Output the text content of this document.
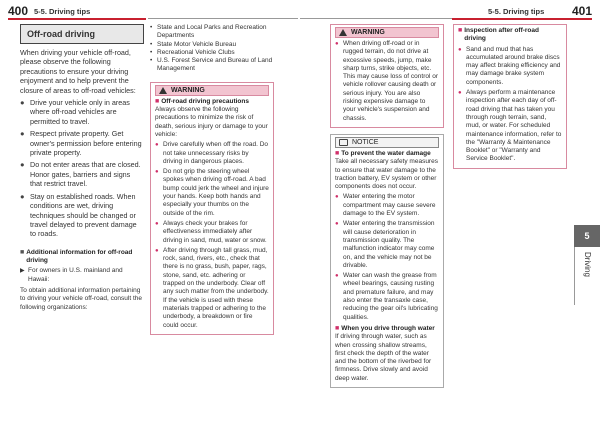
400 5-5. Driving tips	5-5. Driving tips 401
Off-road driving
When driving your vehicle off-road, please observe the following precautions to ensure your driving enjoyment and to help prevent the closure of areas to off-road vehicles:
● Drive your vehicle only in areas where off-road vehicles are permitted to travel.
● Respect private property. Get owner's permission before entering private property.
● Do not enter areas that are closed. Honor gates, barriers and signs that restrict travel.
● Stay on established roads. When conditions are wet, driving techniques should be changed or travel delayed to prevent damage to roads.
■ Additional information for off-road driving
▶ For owners in U.S. mainland and Hawaii:
To obtain additional information pertaining to driving your vehicle off-road, consult the following organizations:
• State and Local Parks and Recreation Departments
• State Motor Vehicle Bureau
• Recreational Vehicle Clubs
• U.S. Forest Service and Bureau of Land Management
WARNING
■ Off-road driving precautions
Always observe the following precautions to minimize the risk of death, serious injury or damage to your vehicle:
● Drive carefully when off the road. Do not take unnecessary risks by driving in dangerous places.
● Do not grip the steering wheel spokes when driving off-road. A bad bump could jerk the wheel and injure your hands. Keep both hands and especially your thumbs on the outside of the rim.
● Always check your brakes for effectiveness immediately after driving in sand, mud, water or snow.
● After driving through tall grass, mud, rock, sand, rivers, etc., check that there is no grass, bush, paper, rags, stone, sand, etc. adhering or trapped on the underbody. Clear off any such matter from the underbody. If the vehicle is used with these materials trapped or adhering to the underbody, a breakdown or fire could occur.
WARNING
● When driving off-road or in rugged terrain, do not drive at excessive speeds, jump, make sharp turns, strike objects, etc. This may cause loss of control or vehicle rollover causing death or serious injury. You are also risking expensive damage to your vehicle's suspension and chassis.
NOTICE
■ To prevent the water damage
Take all necessary safety measures to ensure that water damage to the traction battery, EV system or other components does not occur.
● Water entering the motor compartment may cause severe damage to the EV system.
● Water entering the transmission will cause deterioration in transmission quality. The malfunction indicator may come on, and the vehicle may not be drivable.
● Water can wash the grease from wheel bearings, causing rusting and premature failure, and may also enter the transaxle case, reducing the gear oil's lubricating qualities.
■ When you drive through water
If driving through water, such as when crossing shallow streams, first check the depth of the water and the bottom of the riverbed for firmness. Drive slowly and avoid deep water.
■ Inspection after off-road driving
● Sand and mud that has accumulated around brake discs may affect braking efficiency and may damage brake system components.
● Always perform a maintenance inspection after each day of off-road driving that has taken you through rough terrain, sand, mud, or water. For scheduled maintenance information, refer to the "Warranty & Maintenance Booklet" or "Warranty and Service Booklet".
5
Driving
